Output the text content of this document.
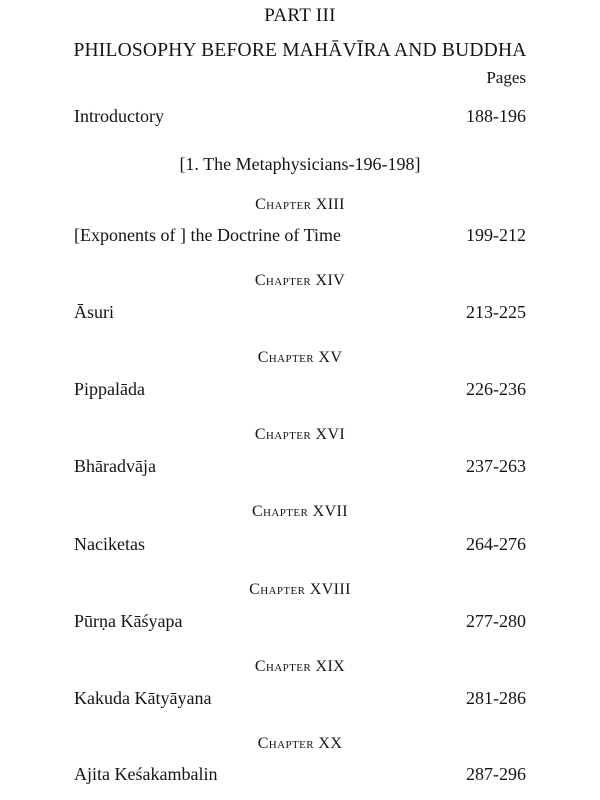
PART III
PHILOSOPHY BEFORE MAHĀVĪRA AND BUDDHA
Pages
Introductory	188-196
[1. The Metaphysicians-196-198]
Chapter XIII
[Exponents of ] the Doctrine of Time	199-212
Chapter XIV
Āsuri	213-225
Chapter XV
Pippalāda	226-236
Chapter XVI
Bhāradvāja	237-263
Chapter XVII
Naciketas	264-276
Chapter XVIII
Pūrṇa Kāśyapa	277-280
Chapter XIX
Kakuda Kātyāyana	281-286
Chapter XX
Ajita Keśakambalin	287-296
